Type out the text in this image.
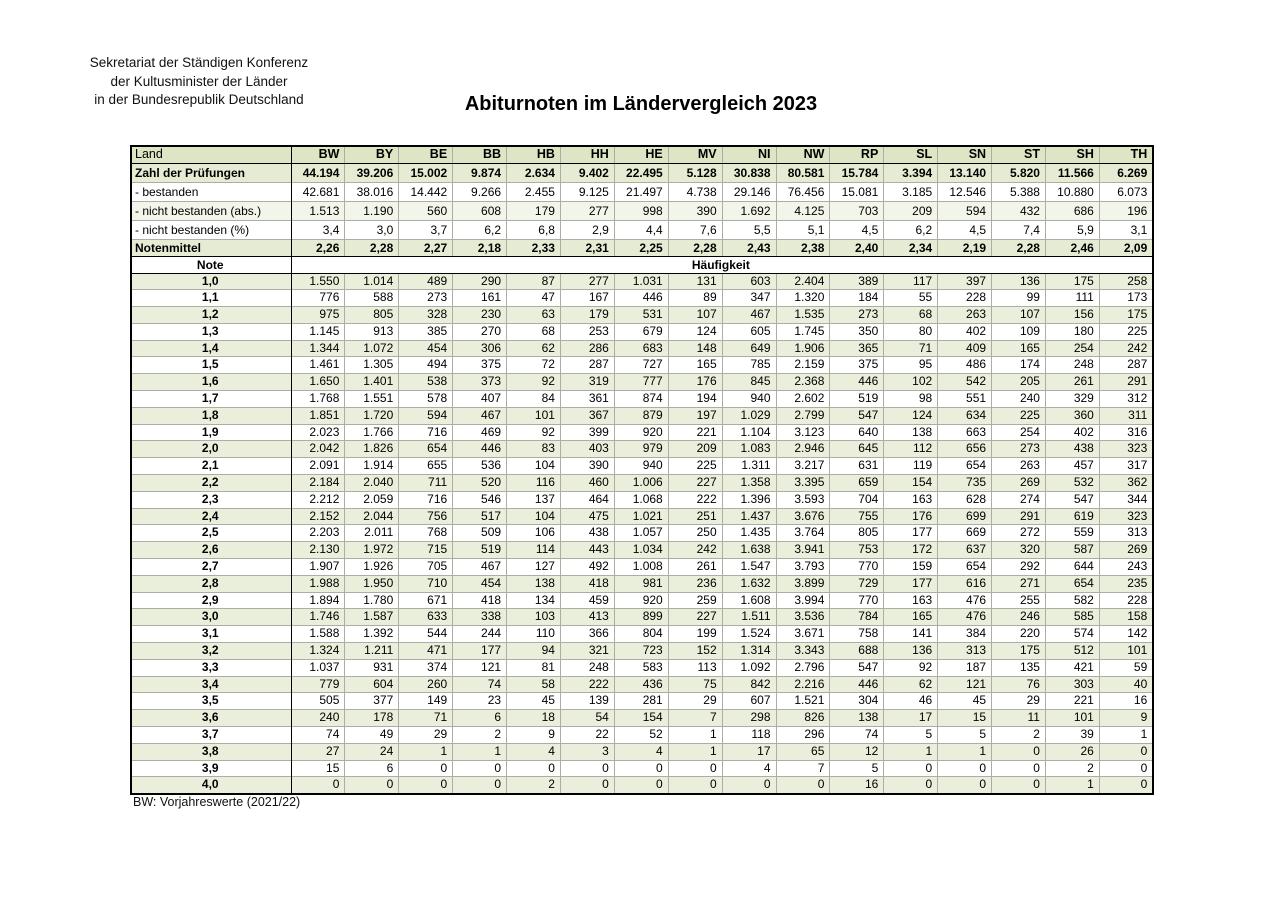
Sekretariat der Ständigen Konferenz
der Kultusminister der Länder
in der Bundesrepublik Deutschland	Abiturnoten im Ländervergleich 2023
Land	BW	BY	BE	BB	HB	HH	HE	MV	NI	NW	RP	SL	SN	ST	SH	TH
Zahl der Prüfungen	44.194	39.206	15.002	9.874	2.634	9.402	22.495	5.128	30.838	80.581	15.784	3.394	13.140	5.820	11.566	6.269
- bestanden	42.681	38.016	14.442	9.266	2.455	9.125	21.497	4.738	29.146	76.456	15.081	3.185	12.546	5.388	10.880	6.073
- nicht bestanden (abs.)	1.513	1.190	560	608	179	277	998	390	1.692	4.125	703	209	594	432	686	196
- nicht bestanden (%)	3,4	3,0	3,7	6,2	6,8	2,9	4,4	7,6	5,5	5,1	4,5	6,2	4,5	7,4	5,9	3,1
Notenmittel	2,26	2,28	2,27	2,18	2,33	2,31	2,25	2,28	2,43	2,38	2,40	2,34	2,19	2,28	2,46	2,09
Note	Häufigkeit															
1,0	1.550	1.014	489	290	87	277	1.031	131	603	2.404	389	117	397	136	175	258
1,1	776	588	273	161	47	167	446	89	347	1.320	184	55	228	99	111	173
1,2	975	805	328	230	63	179	531	107	467	1.535	273	68	263	107	156	175
1,3	1.145	913	385	270	68	253	679	124	605	1.745	350	80	402	109	180	225
1,4	1.344	1.072	454	306	62	286	683	148	649	1.906	365	71	409	165	254	242
1,5	1.461	1.305	494	375	72	287	727	165	785	2.159	375	95	486	174	248	287
1,6	1.650	1.401	538	373	92	319	777	176	845	2.368	446	102	542	205	261	291
1,7	1.768	1.551	578	407	84	361	874	194	940	2.602	519	98	551	240	329	312
1,8	1.851	1.720	594	467	101	367	879	197	1.029	2.799	547	124	634	225	360	311
1,9	2.023	1.766	716	469	92	399	920	221	1.104	3.123	640	138	663	254	402	316
2,0	2.042	1.826	654	446	83	403	979	209	1.083	2.946	645	112	656	273	438	323
2,1	2.091	1.914	655	536	104	390	940	225	1.311	3.217	631	119	654	263	457	317
2,2	2.184	2.040	711	520	116	460	1.006	227	1.358	3.395	659	154	735	269	532	362
2,3	2.212	2.059	716	546	137	464	1.068	222	1.396	3.593	704	163	628	274	547	344
2,4	2.152	2.044	756	517	104	475	1.021	251	1.437	3.676	755	176	699	291	619	323
2,5	2.203	2.011	768	509	106	438	1.057	250	1.435	3.764	805	177	669	272	559	313
2,6	2.130	1.972	715	519	114	443	1.034	242	1.638	3.941	753	172	637	320	587	269
2,7	1.907	1.926	705	467	127	492	1.008	261	1.547	3.793	770	159	654	292	644	243
2,8	1.988	1.950	710	454	138	418	981	236	1.632	3.899	729	177	616	271	654	235
2,9	1.894	1.780	671	418	134	459	920	259	1.608	3.994	770	163	476	255	582	228
3,0	1.746	1.587	633	338	103	413	899	227	1.511	3.536	784	165	476	246	585	158
3,1	1.588	1.392	544	244	110	366	804	199	1.524	3.671	758	141	384	220	574	142
3,2	1.324	1.211	471	177	94	321	723	152	1.314	3.343	688	136	313	175	512	101
3,3	1.037	931	374	121	81	248	583	113	1.092	2.796	547	92	187	135	421	59
3,4	779	604	260	74	58	222	436	75	842	2.216	446	62	121	76	303	40
3,5	505	377	149	23	45	139	281	29	607	1.521	304	46	45	29	221	16
3,6	240	178	71	6	18	54	154	7	298	826	138	17	15	11	101	9
3,7	74	49	29	2	9	22	52	1	118	296	74	5	5	2	39	1
3,8	27	24	1	1	4	3	4	1	17	65	12	1	1	0	26	0
3,9	15	6	0	0	0	0	0	0	4	7	5	0	0	0	2	0
4,0	0	0	0	0	2	0	0	0	0	0	16	0	0	0	1	0
BW: Vorjahreswerte (2021/22)
